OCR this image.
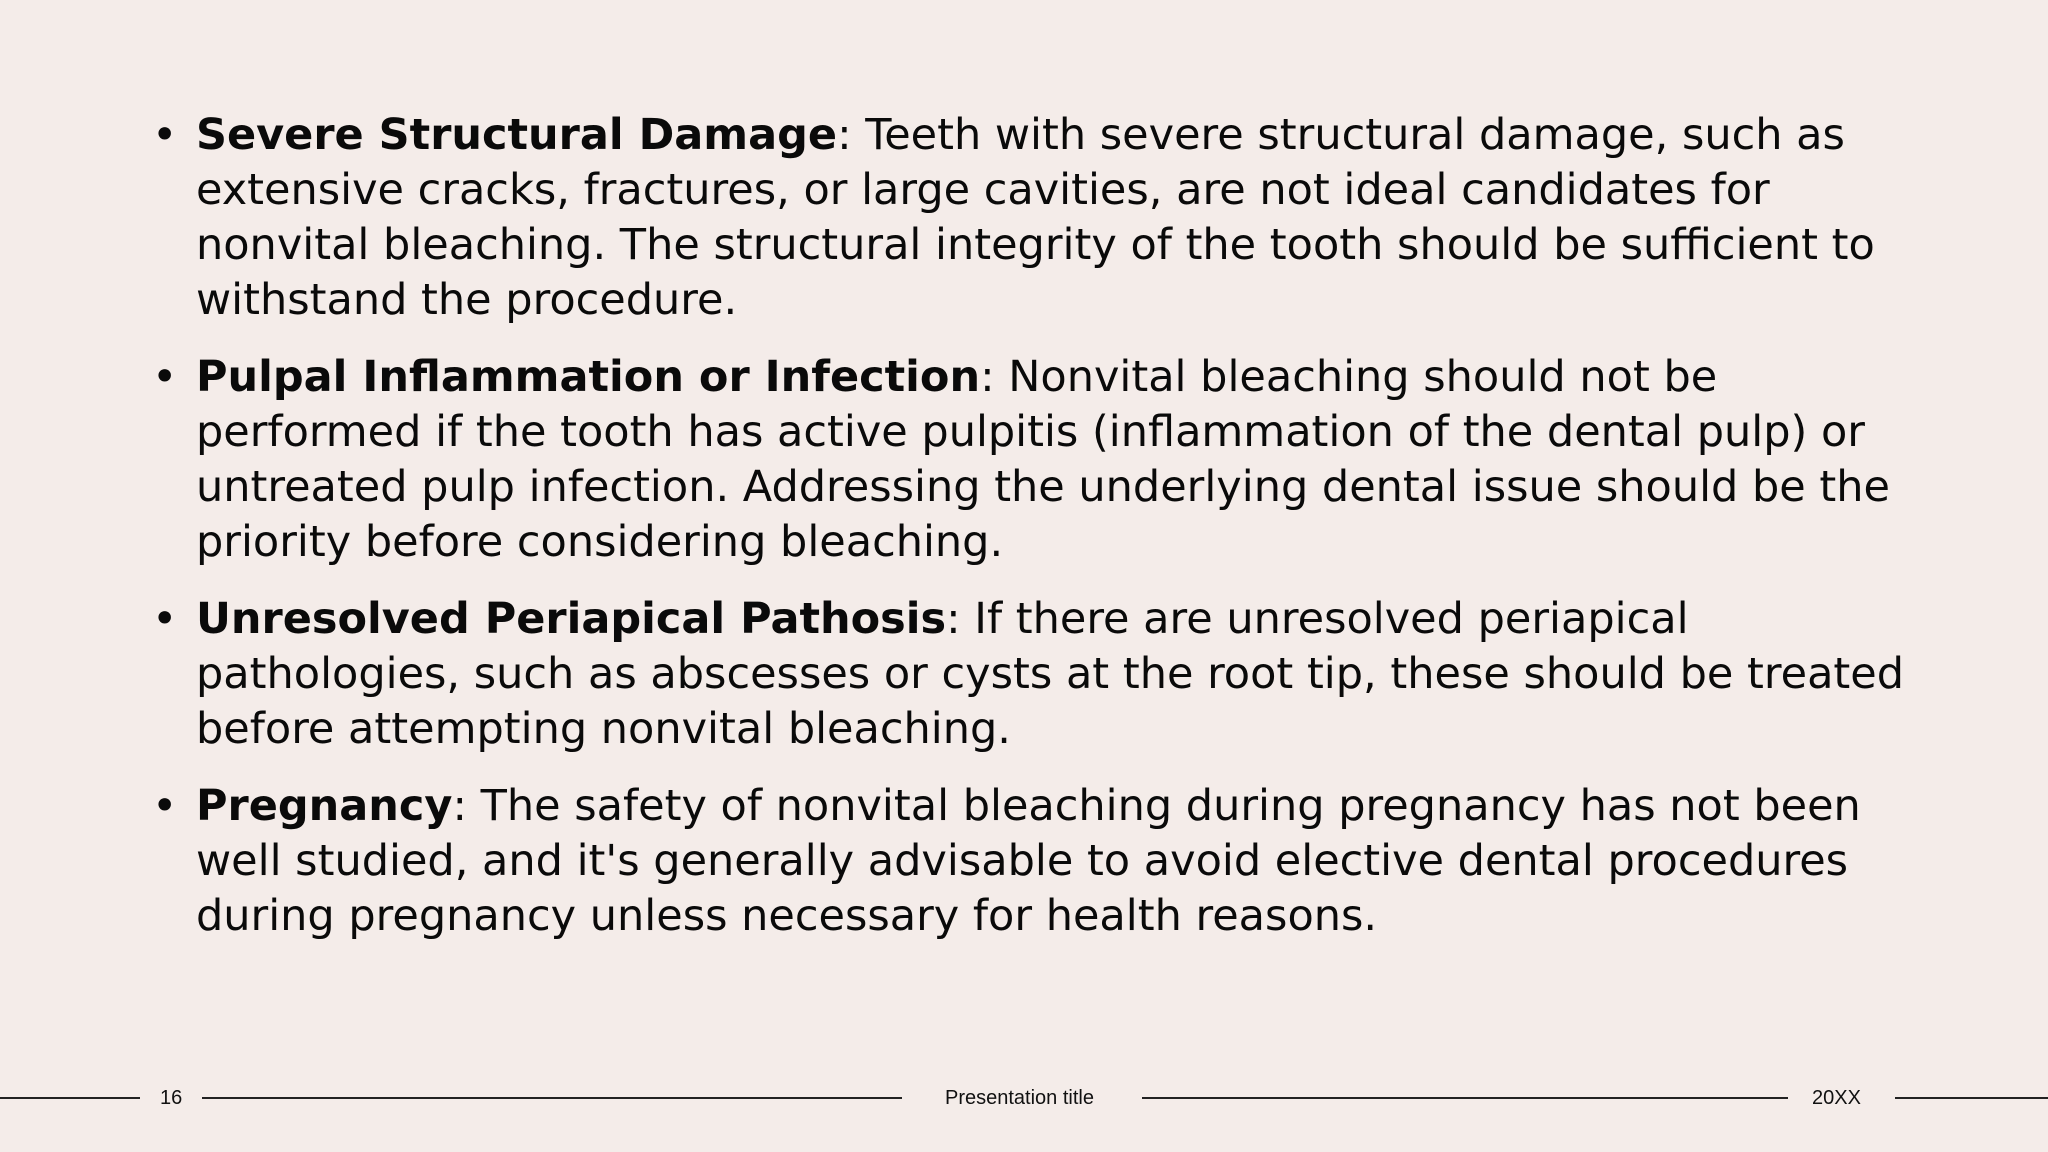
• Severe Structural Damage: Teeth with severe structural damage, such as extensive cracks, fractures, or large cavities, are not ideal candidates for nonvital bleaching. The structural integrity of the tooth should be sufficient to withstand the procedure.
• Pulpal Inflammation or Infection: Nonvital bleaching should not be performed if the tooth has active pulpitis (inflammation of the dental pulp) or untreated pulp infection. Addressing the underlying dental issue should be the priority before considering bleaching.
• Unresolved Periapical Pathosis: If there are unresolved periapical pathologies, such as abscesses or cysts at the root tip, these should be treated before attempting nonvital bleaching.
• Pregnancy: The safety of nonvital bleaching during pregnancy has not been well studied, and it's generally advisable to avoid elective dental procedures during pregnancy unless necessary for health reasons.
16	Presentation title	20XX
